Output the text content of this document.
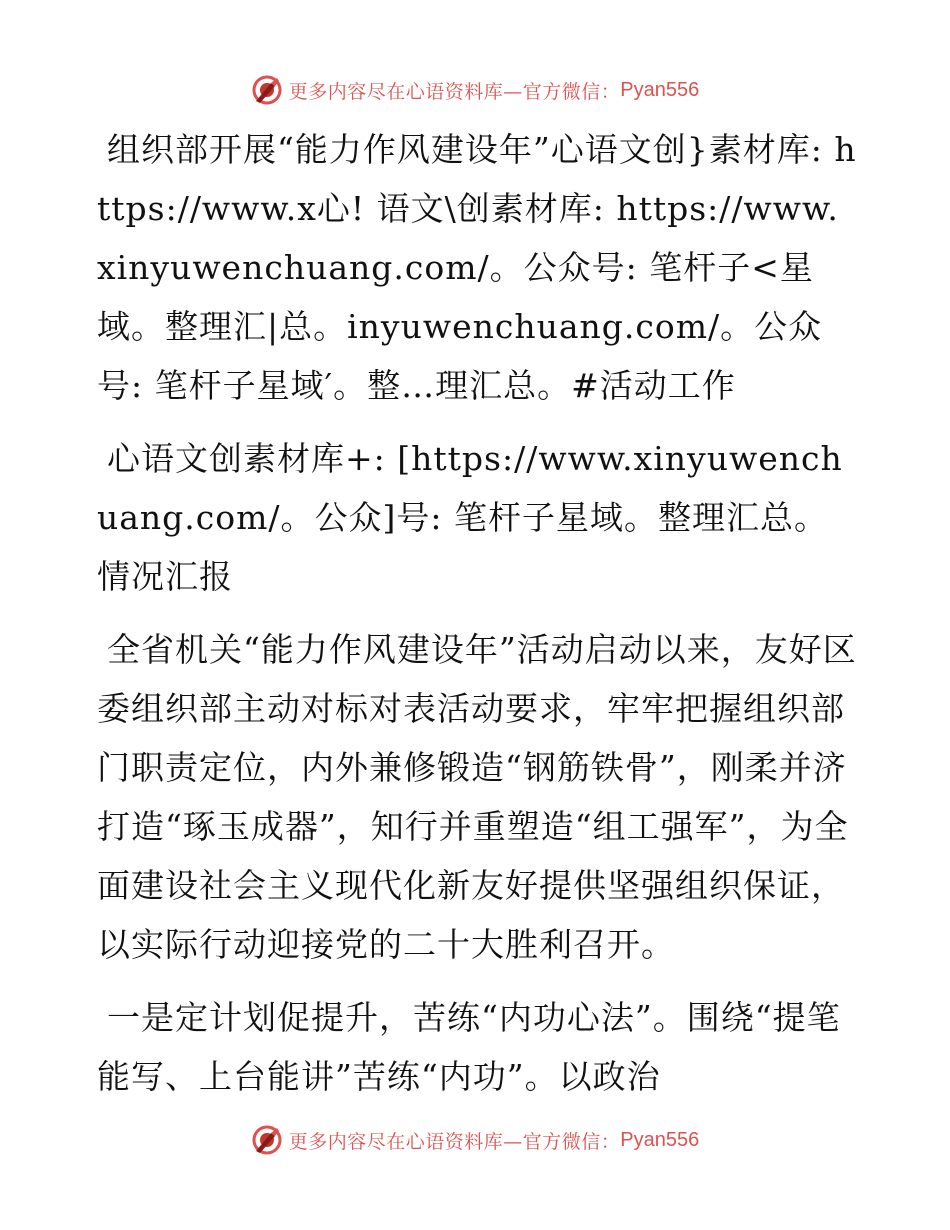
更多内容尽在心语资料库—官方微信： Pyan556

组织部开展“能力作风建设年”心语文创}素材库: https://www.x心! 语文\创素材库: https://www.xinyuwenchuang.com/。公众号: 笔杆子<星域。整理汇|总。inyuwenchuang.com/。公众号: 笔杆子星域′。整…理汇总。#活动工作

心语文创素材库+: [https://www.xinyuwenchuang.com/。公众]号: 笔杆子星域。整理汇总。情况汇报

全省机关“能力作风建设年”活动启动以来，友好区委组织部主动对标对表活动要求，牢牢把握组织部门职责定位，内外兼修锻造“钢筋铁骨”，刚柔并济打造“琢玉成器”，知行并重塑造“组工强军”，为全面建设社会主义现代化新友好提供坚强组织保证，以实际行动迎接党的二十大胜利召开。

一是定计划促提升，苦练“内功心法”。围绕“提笔能写、上台能讲”苦练“内功”。以政治

更多内容尽在心语资料库—官方微信： Pyan556
